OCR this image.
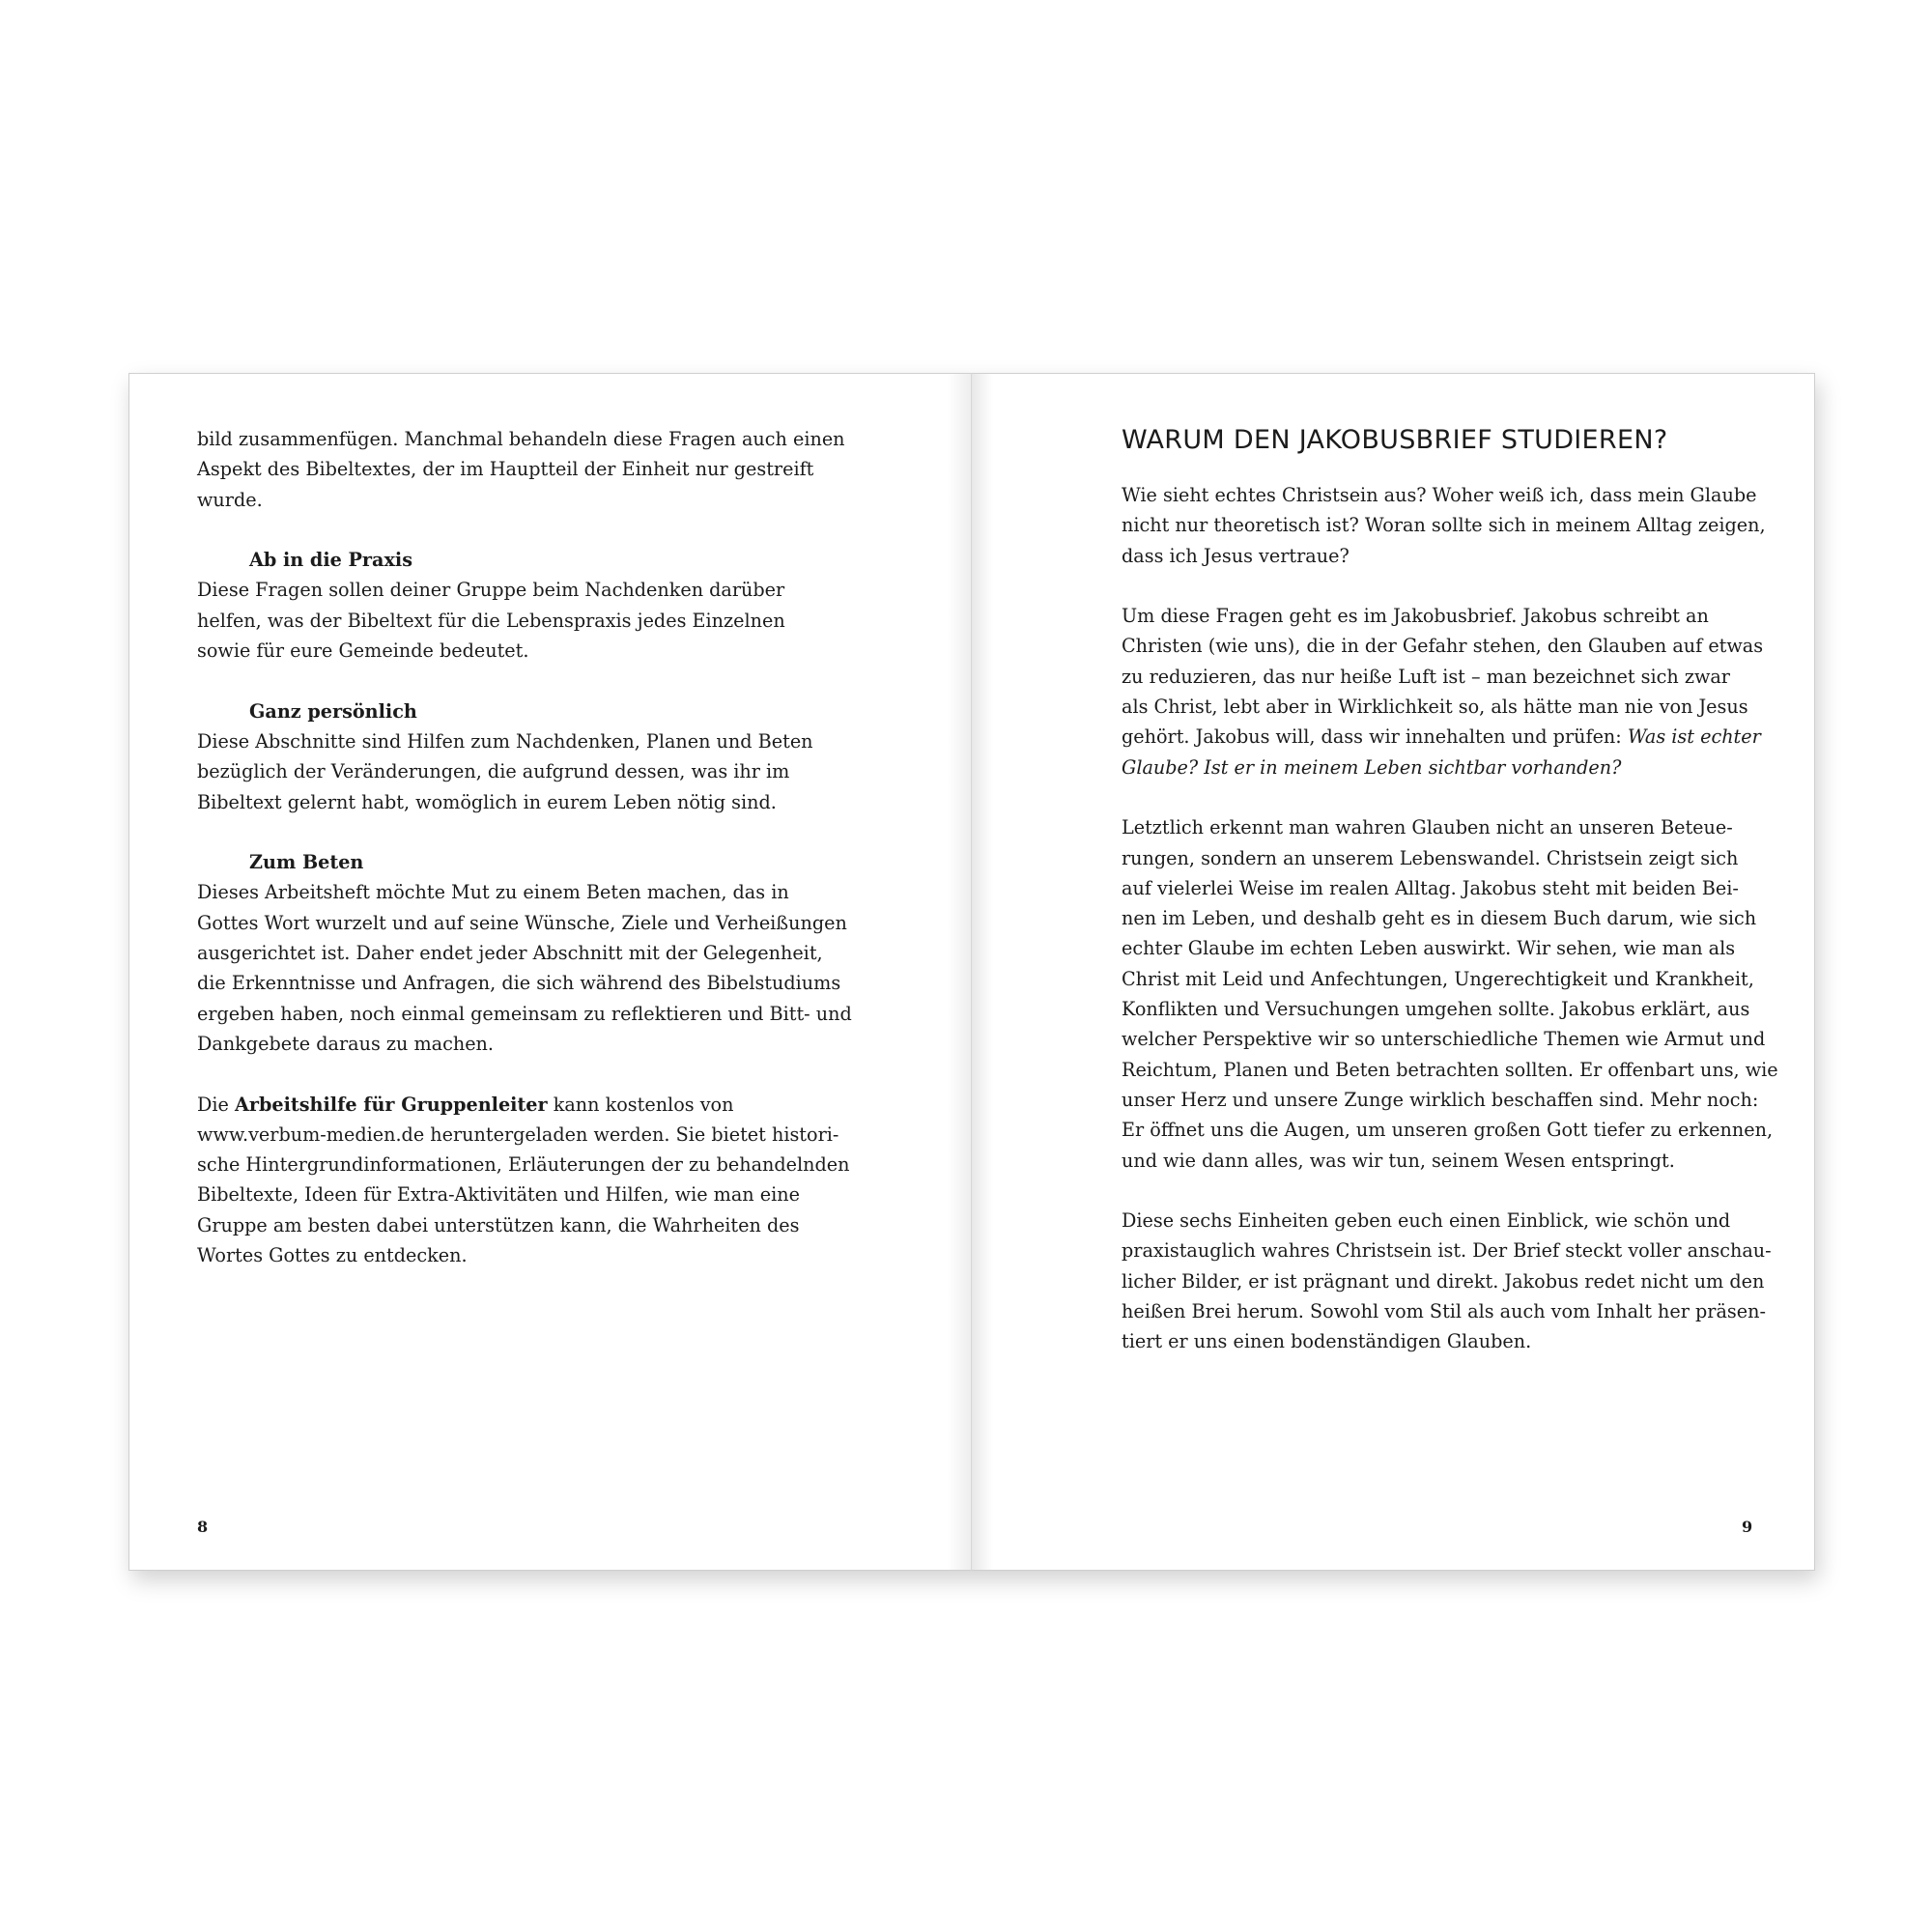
bild zusammenfügen. Manchmal behandeln diese Fragen auch einen
Aspekt des Bibeltextes, der im Hauptteil der Einheit nur gestreift
wurde.
Ab in die Praxis
Diese Fragen sollen deiner Gruppe beim Nachdenken darüber
helfen, was der Bibeltext für die Lebenspraxis jedes Einzelnen
sowie für eure Gemeinde bedeutet.
Ganz persönlich
Diese Abschnitte sind Hilfen zum Nachdenken, Planen und Beten
bezüglich der Veränderungen, die aufgrund dessen, was ihr im
Bibeltext gelernt habt, womöglich in eurem Leben nötig sind.
Zum Beten
Dieses Arbeitsheft möchte Mut zu einem Beten machen, das in
Gottes Wort wurzelt und auf seine Wünsche, Ziele und Verheißungen
ausgerichtet ist. Daher endet jeder Abschnitt mit der Gelegenheit,
die Erkenntnisse und Anfragen, die sich während des Bibelstudiums
ergeben haben, noch einmal gemeinsam zu reflektieren und Bitt- und
Dankgebete daraus zu machen.
Die Arbeitshilfe für Gruppenleiter kann kostenlos von
www.verbum-medien.de heruntergeladen werden. Sie bietet histori-
sche Hintergrundinformationen, Erläuterungen der zu behandelnden
Bibeltexte, Ideen für Extra-Aktivitäten und Hilfen, wie man eine
Gruppe am besten dabei unterstützen kann, die Wahrheiten des
Wortes Gottes zu entdecken.
8
WARUM DEN JAKOBUSBRIEF STUDIEREN?
Wie sieht echtes Christsein aus? Woher weiß ich, dass mein Glaube
nicht nur theoretisch ist? Woran sollte sich in meinem Alltag zeigen,
dass ich Jesus vertraue?
Um diese Fragen geht es im Jakobusbrief. Jakobus schreibt an
Christen (wie uns), die in der Gefahr stehen, den Glauben auf etwas
zu reduzieren, das nur heiße Luft ist – man bezeichnet sich zwar
als Christ, lebt aber in Wirklichkeit so, als hätte man nie von Jesus
gehört. Jakobus will, dass wir innehalten und prüfen: Was ist echter
Glaube? Ist er in meinem Leben sichtbar vorhanden?
Letztlich erkennt man wahren Glauben nicht an unseren Beteue-
rungen, sondern an unserem Lebenswandel. Christsein zeigt sich
auf vielerlei Weise im realen Alltag. Jakobus steht mit beiden Bei-
nen im Leben, und deshalb geht es in diesem Buch darum, wie sich
echter Glaube im echten Leben auswirkt. Wir sehen, wie man als
Christ mit Leid und Anfechtungen, Ungerechtigkeit und Krankheit,
Konflikten und Versuchungen umgehen sollte. Jakobus erklärt, aus
welcher Perspektive wir so unterschiedliche Themen wie Armut und
Reichtum, Planen und Beten betrachten sollten. Er offenbart uns, wie
unser Herz und unsere Zunge wirklich beschaffen sind. Mehr noch:
Er öffnet uns die Augen, um unseren großen Gott tiefer zu erkennen,
und wie dann alles, was wir tun, seinem Wesen entspringt.
Diese sechs Einheiten geben euch einen Einblick, wie schön und
praxistauglich wahres Christsein ist. Der Brief steckt voller anschau-
licher Bilder, er ist prägnant und direkt. Jakobus redet nicht um den
heißen Brei herum. Sowohl vom Stil als auch vom Inhalt her präsen-
tiert er uns einen bodenständigen Glauben.
9
